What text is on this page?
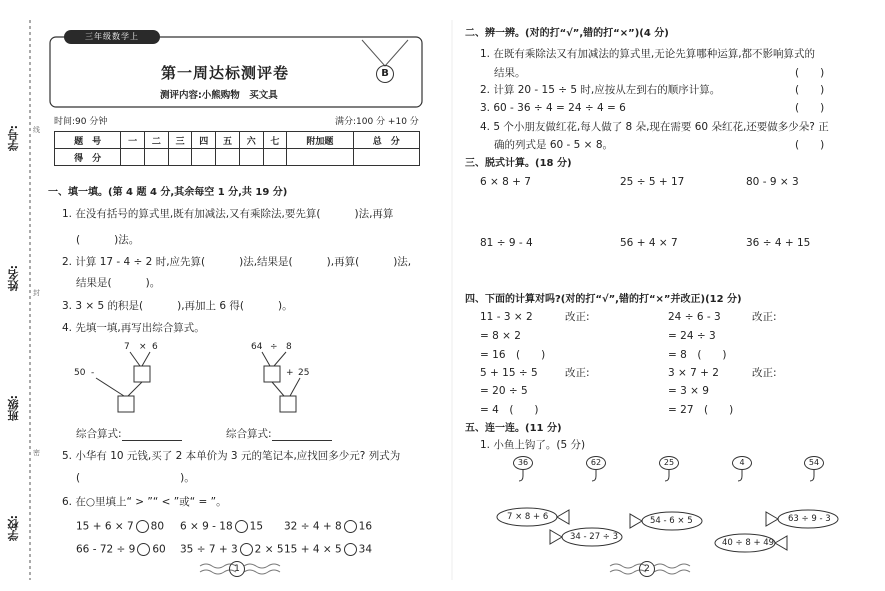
学号:
姓名:
班级:
学校:
线
封
密
三年级数学上
第一周达标测评卷
测评内容:小熊购物　买文具
B
时间:90 分钟	满分:100 分 +10 分
题　号	一	二	三	四	五	六	七	附加题	总　分
得　分									
一、填一填。(第 4 题 4 分,其余每空 1 分,共 19 分)
1. 在没有括号的算式里,既有加减法,又有乘除法,要先算(	)法,再算
(	)法。
2. 计算 17 - 4 ÷ 2 时,应先算(	)法,结果是(	),再算(	)法,
结果是(	)。
3. 3 × 5 的积是(	),再加上 6 得(	)。
4. 先填一填,再写出综合算式。
7 × 6
50 -
64 ÷ 8
+ 25
综合算式:	综合算式:
5. 小华有 10 元钱,买了 2 本单价为 3 元的笔记本,应找回多少元? 列式为
(	)。
6. 在○里填上“ > ”“ < ”或“ = ”。
15 + 6 × 7 80 6 × 9 - 18 15 32 ÷ 4 + 8 16
66 - 72 ÷ 9 60 35 ÷ 7 + 3 2 × 5 15 + 4 × 5 34
1
二、辨一辨。(对的打“√”,错的打“×”)(4 分)
1. 在既有乘除法又有加减法的算式里,无论先算哪种运算,都不影响算式的
结果。	(　　)
2. 计算 20 - 15 ÷ 5 时,应按从左到右的顺序计算。	(　　)
3. 60 - 36 ÷ 4 = 24 ÷ 4 = 6	(　　)
4. 5 个小朋友做红花,每人做了 8 朵,现在需要 60 朵红花,还要做多少朵? 正
确的列式是 60 - 5 × 8。	(　　)
三、脱式计算。(18 分)
6 × 8 + 7	25 ÷ 5 + 17	80 - 9 × 3
81 ÷ 9 - 4	56 + 4 × 7	36 ÷ 4 + 15
四、下面的计算对吗?(对的打“√”,错的打“×”并改正)(12 分)
11 - 3 × 2	改正:
= 8 × 2
= 16　(　　)
5 + 15 ÷ 5	改正:
= 20 ÷ 5
= 4　(　　)
24 ÷ 6 - 3	改正:
= 24 ÷ 3
= 8　(　　)
3 × 7 + 2	改正:
= 3 × 9
= 27　(　　)
五、连一连。(11 分)
1. 小鱼上钩了。(5 分)
36	62	25	4	54
7 × 8 + 6
34 - 27 ÷ 3
54 - 6 × 5
40 ÷ 8 + 49
63 ÷ 9 - 3
2
